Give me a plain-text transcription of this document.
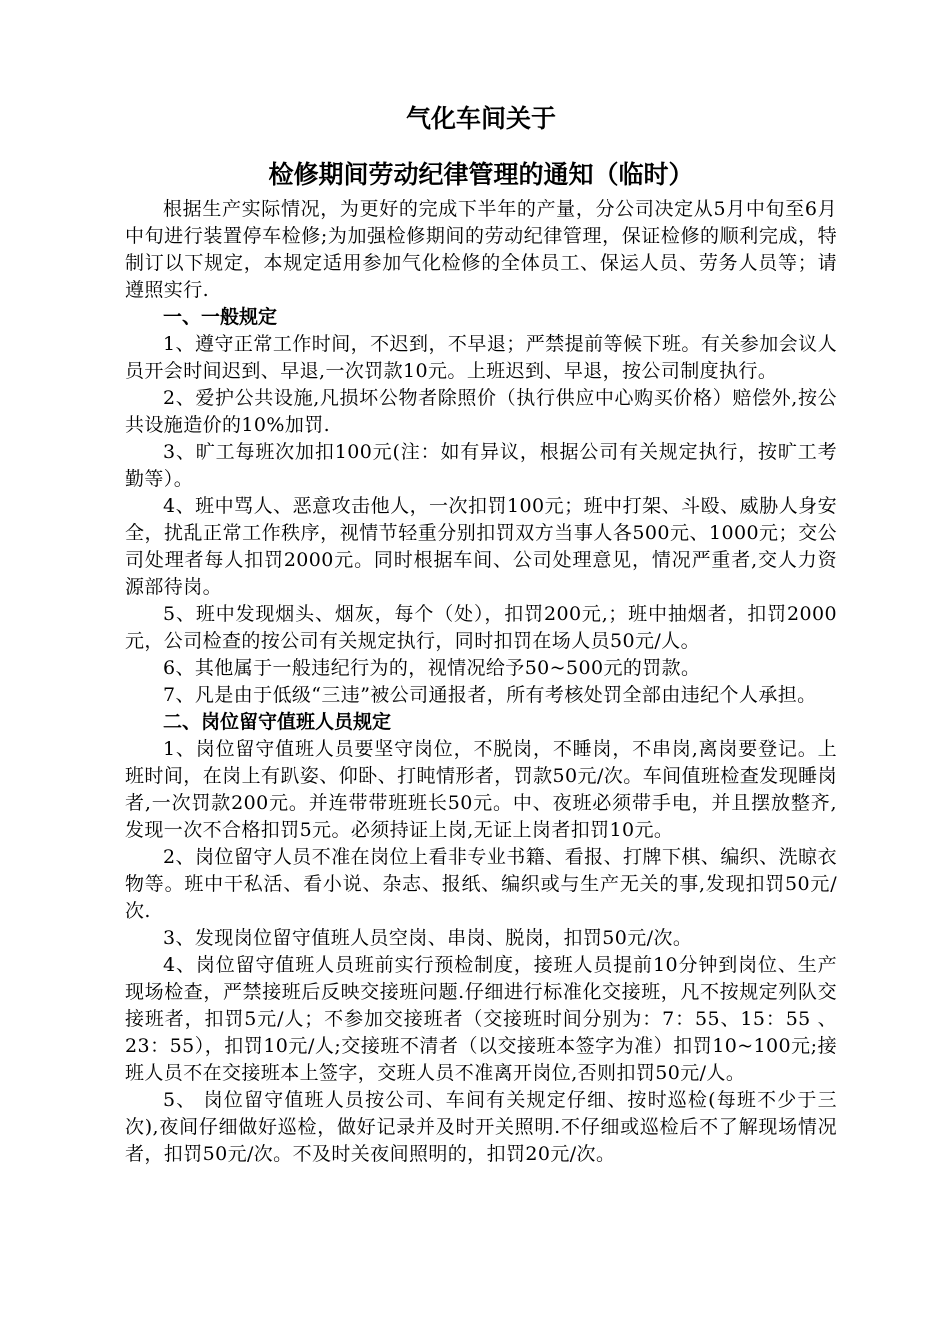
气化车间关于
检修期间劳动纪律管理的通知（临时）

根据生产实际情况，为更好的完成下半年的产量，分公司决定从5月中旬至6月中旬进行装置停车检修;为加强检修期间的劳动纪律管理，保证检修的顺利完成，特制订以下规定，本规定适用参加气化检修的全体员工、保运人员、劳务人员等；请遵照实行.

一、一般规定

1、遵守正常工作时间，不迟到，不早退；严禁提前等候下班。有关参加会议人员开会时间迟到、早退,一次罚款10元。上班迟到、早退，按公司制度执行。

2、爱护公共设施,凡损坏公物者除照价（执行供应中心购买价格）赔偿外,按公共设施造价的10%加罚.

3、旷工每班次加扣100元(注：如有异议，根据公司有关规定执行，按旷工考勤等）。

4、班中骂人、恶意攻击他人，一次扣罚100元；班中打架、斗殴、威胁人身安全，扰乱正常工作秩序，视情节轻重分别扣罚双方当事人各500元、1000元；交公司处理者每人扣罚2000元。同时根据车间、公司处理意见，情况严重者,交人力资源部待岗。

5、班中发现烟头、烟灰，每个（处），扣罚200元,；班中抽烟者，扣罚2000元，公司检查的按公司有关规定执行，同时扣罚在场人员50元/人。

6、其他属于一般违纪行为的，视情况给予50~500元的罚款。

7、凡是由于低级“三违”被公司通报者，所有考核处罚全部由违纪个人承担。

二、岗位留守值班人员规定

1、岗位留守值班人员要坚守岗位，不脱岗，不睡岗，不串岗,离岗要登记。上班时间，在岗上有趴姿、仰卧、打盹情形者，罚款50元/次。车间值班检查发现睡岗者,一次罚款200元。并连带带班班长50元。中、夜班必须带手电，并且摆放整齐,发现一次不合格扣罚5元。必须持证上岗,无证上岗者扣罚10元。

2、岗位留守人员不准在岗位上看非专业书籍、看报、打牌下棋、编织、洗晾衣物等。班中干私活、看小说、杂志、报纸、编织或与生产无关的事,发现扣罚50元/次.

3、发现岗位留守值班人员空岗、串岗、脱岗，扣罚50元/次。

4、岗位留守值班人员班前实行预检制度，接班人员提前10分钟到岗位、生产现场检查，严禁接班后反映交接班问题.仔细进行标准化交接班，凡不按规定列队交接班者，扣罚5元/人；不参加交接班者（交接班时间分别为：7：55、15：55 、23：55），扣罚10元/人;交接班不清者（以交接班本签字为准）扣罚10~100元;接班人员不在交接班本上签字，交班人员不准离开岗位,否则扣罚50元/人。

5、 岗位留守值班人员按公司、车间有关规定仔细、按时巡检(每班不少于三次),夜间仔细做好巡检，做好记录并及时开关照明.不仔细或巡检后不了解现场情况者，扣罚50元/次。不及时关夜间照明的，扣罚20元/次。
